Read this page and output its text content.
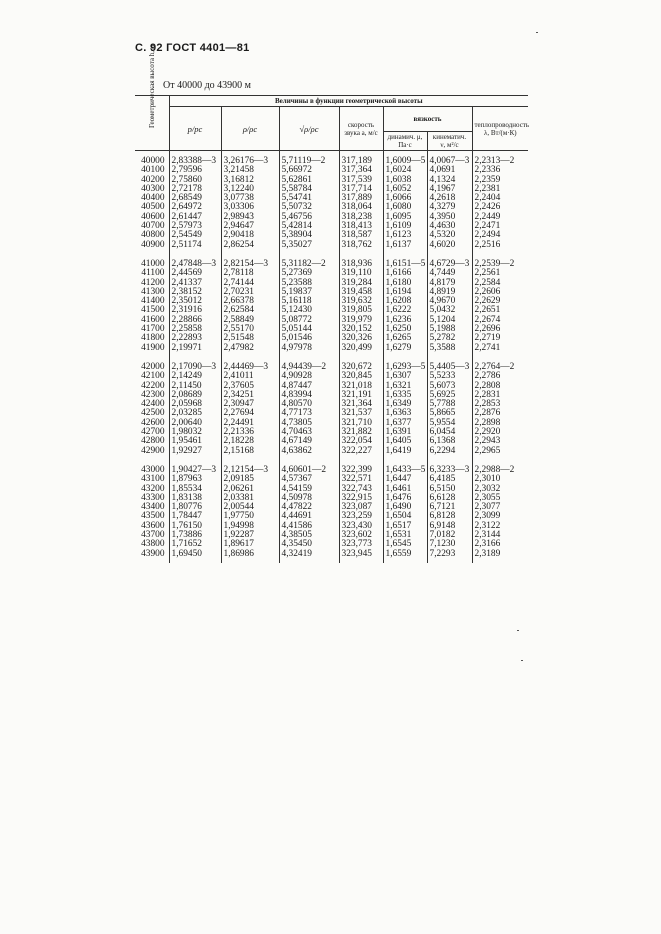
С. 92 ГОСТ 4401—81
От 40000 до 43900 м
Геометрическая высота h, м	Величины в функции геометрической высоты						
	p/pс	ρ/ρс	√ρ/ρс	скорость звука а, м/с	вязкость		теплопроводность λ, Вт/(м·К)
					динамич. μ, Па·с	кинематич. ν, м²/с	
40000	2,83388—3	3,26176—3	5,71119—2	317,189	1,6009—5	4,0067—3	2,2313—2
40100	2,79596	3,21458	5,66972	317,364	1,6024	4,0691	2,2336
40200	2,75860	3,16812	5,62861	317,539	1,6038	4,1324	2,2359
40300	2,72178	3,12240	5,58784	317,714	1,6052	4,1967	2,2381
40400	2,68549	3,07738	5,54741	317,889	1,6066	4,2618	2,2404
40500	2,64972	3,03306	5,50732	318,064	1,6080	4,3279	2,2426
40600	2,61447	2,98943	5,46756	318,238	1,6095	4,3950	2,2449
40700	2,57973	2,94647	5,42814	318,413	1,6109	4,4630	2,2471
40800	2,54549	2,90418	5,38904	318,587	1,6123	4,5320	2,2494
40900	2,51174	2,86254	5,35027	318,762	1,6137	4,6020	2,2516
41000	2,47848—3	2,82154—3	5,31182—2	318,936	1,6151—5	4,6729—3	2,2539—2
41100	2,44569	2,78118	5,27369	319,110	1,6166	4,7449	2,2561
41200	2,41337	2,74144	5,23588	319,284	1,6180	4,8179	2,2584
41300	2,38152	2,70231	5,19837	319,458	1,6194	4,8919	2,2606
41400	2,35012	2,66378	5,16118	319,632	1,6208	4,9670	2,2629
41500	2,31916	2,62584	5,12430	319,805	1,6222	5,0432	2,2651
41600	2,28866	2,58849	5,08772	319,979	1,6236	5,1204	2,2674
41700	2,25858	2,55170	5,05144	320,152	1,6250	5,1988	2,2696
41800	2,22893	2,51548	5,01546	320,326	1,6265	5,2782	2,2719
41900	2,19971	2,47982	4,97978	320,499	1,6279	5,3588	2,2741
42000	2,17090—3	2,44469—3	4,94439—2	320,672	1,6293—5	5,4405—3	2,2764—2
42100	2,14249	2,41011	4,90928	320,845	1,6307	5,5233	2,2786
42200	2,11450	2,37605	4,87447	321,018	1,6321	5,6073	2,2808
42300	2,08689	2,34251	4,83994	321,191	1,6335	5,6925	2,2831
42400	2,05968	2,30947	4,80570	321,364	1,6349	5,7788	2,2853
42500	2,03285	2,27694	4,77173	321,537	1,6363	5,8665	2,2876
42600	2,00640	2,24491	4,73805	321,710	1,6377	5,9554	2,2898
42700	1,98032	2,21336	4,70463	321,882	1,6391	6,0454	2,2920
42800	1,95461	2,18228	4,67149	322,054	1,6405	6,1368	2,2943
42900	1,92927	2,15168	4,63862	322,227	1,6419	6,2294	2,2965
43000	1,90427—3	2,12154—3	4,60601—2	322,399	1,6433—5	6,3233—3	2,2988—2
43100	1,87963	2,09185	4,57367	322,571	1,6447	6,4185	2,3010
43200	1,85534	2,06261	4,54159	322,743	1,6461	6,5150	2,3032
43300	1,83138	2,03381	4,50978	322,915	1,6476	6,6128	2,3055
43400	1,80776	2,00544	4,47822	323,087	1,6490	6,7121	2,3077
43500	1,78447	1,97750	4,44691	323,259	1,6504	6,8128	2,3099
43600	1,76150	1,94998	4,41586	323,430	1,6517	6,9148	2,3122
43700	1,73886	1,92287	4,38505	323,602	1,6531	7,0182	2,3144
43800	1,71652	1,89617	4,35450	323,773	1,6545	7,1230	2,3166
43900	1,69450	1,86986	4,32419	323,945	1,6559	7,2293	2,3189
